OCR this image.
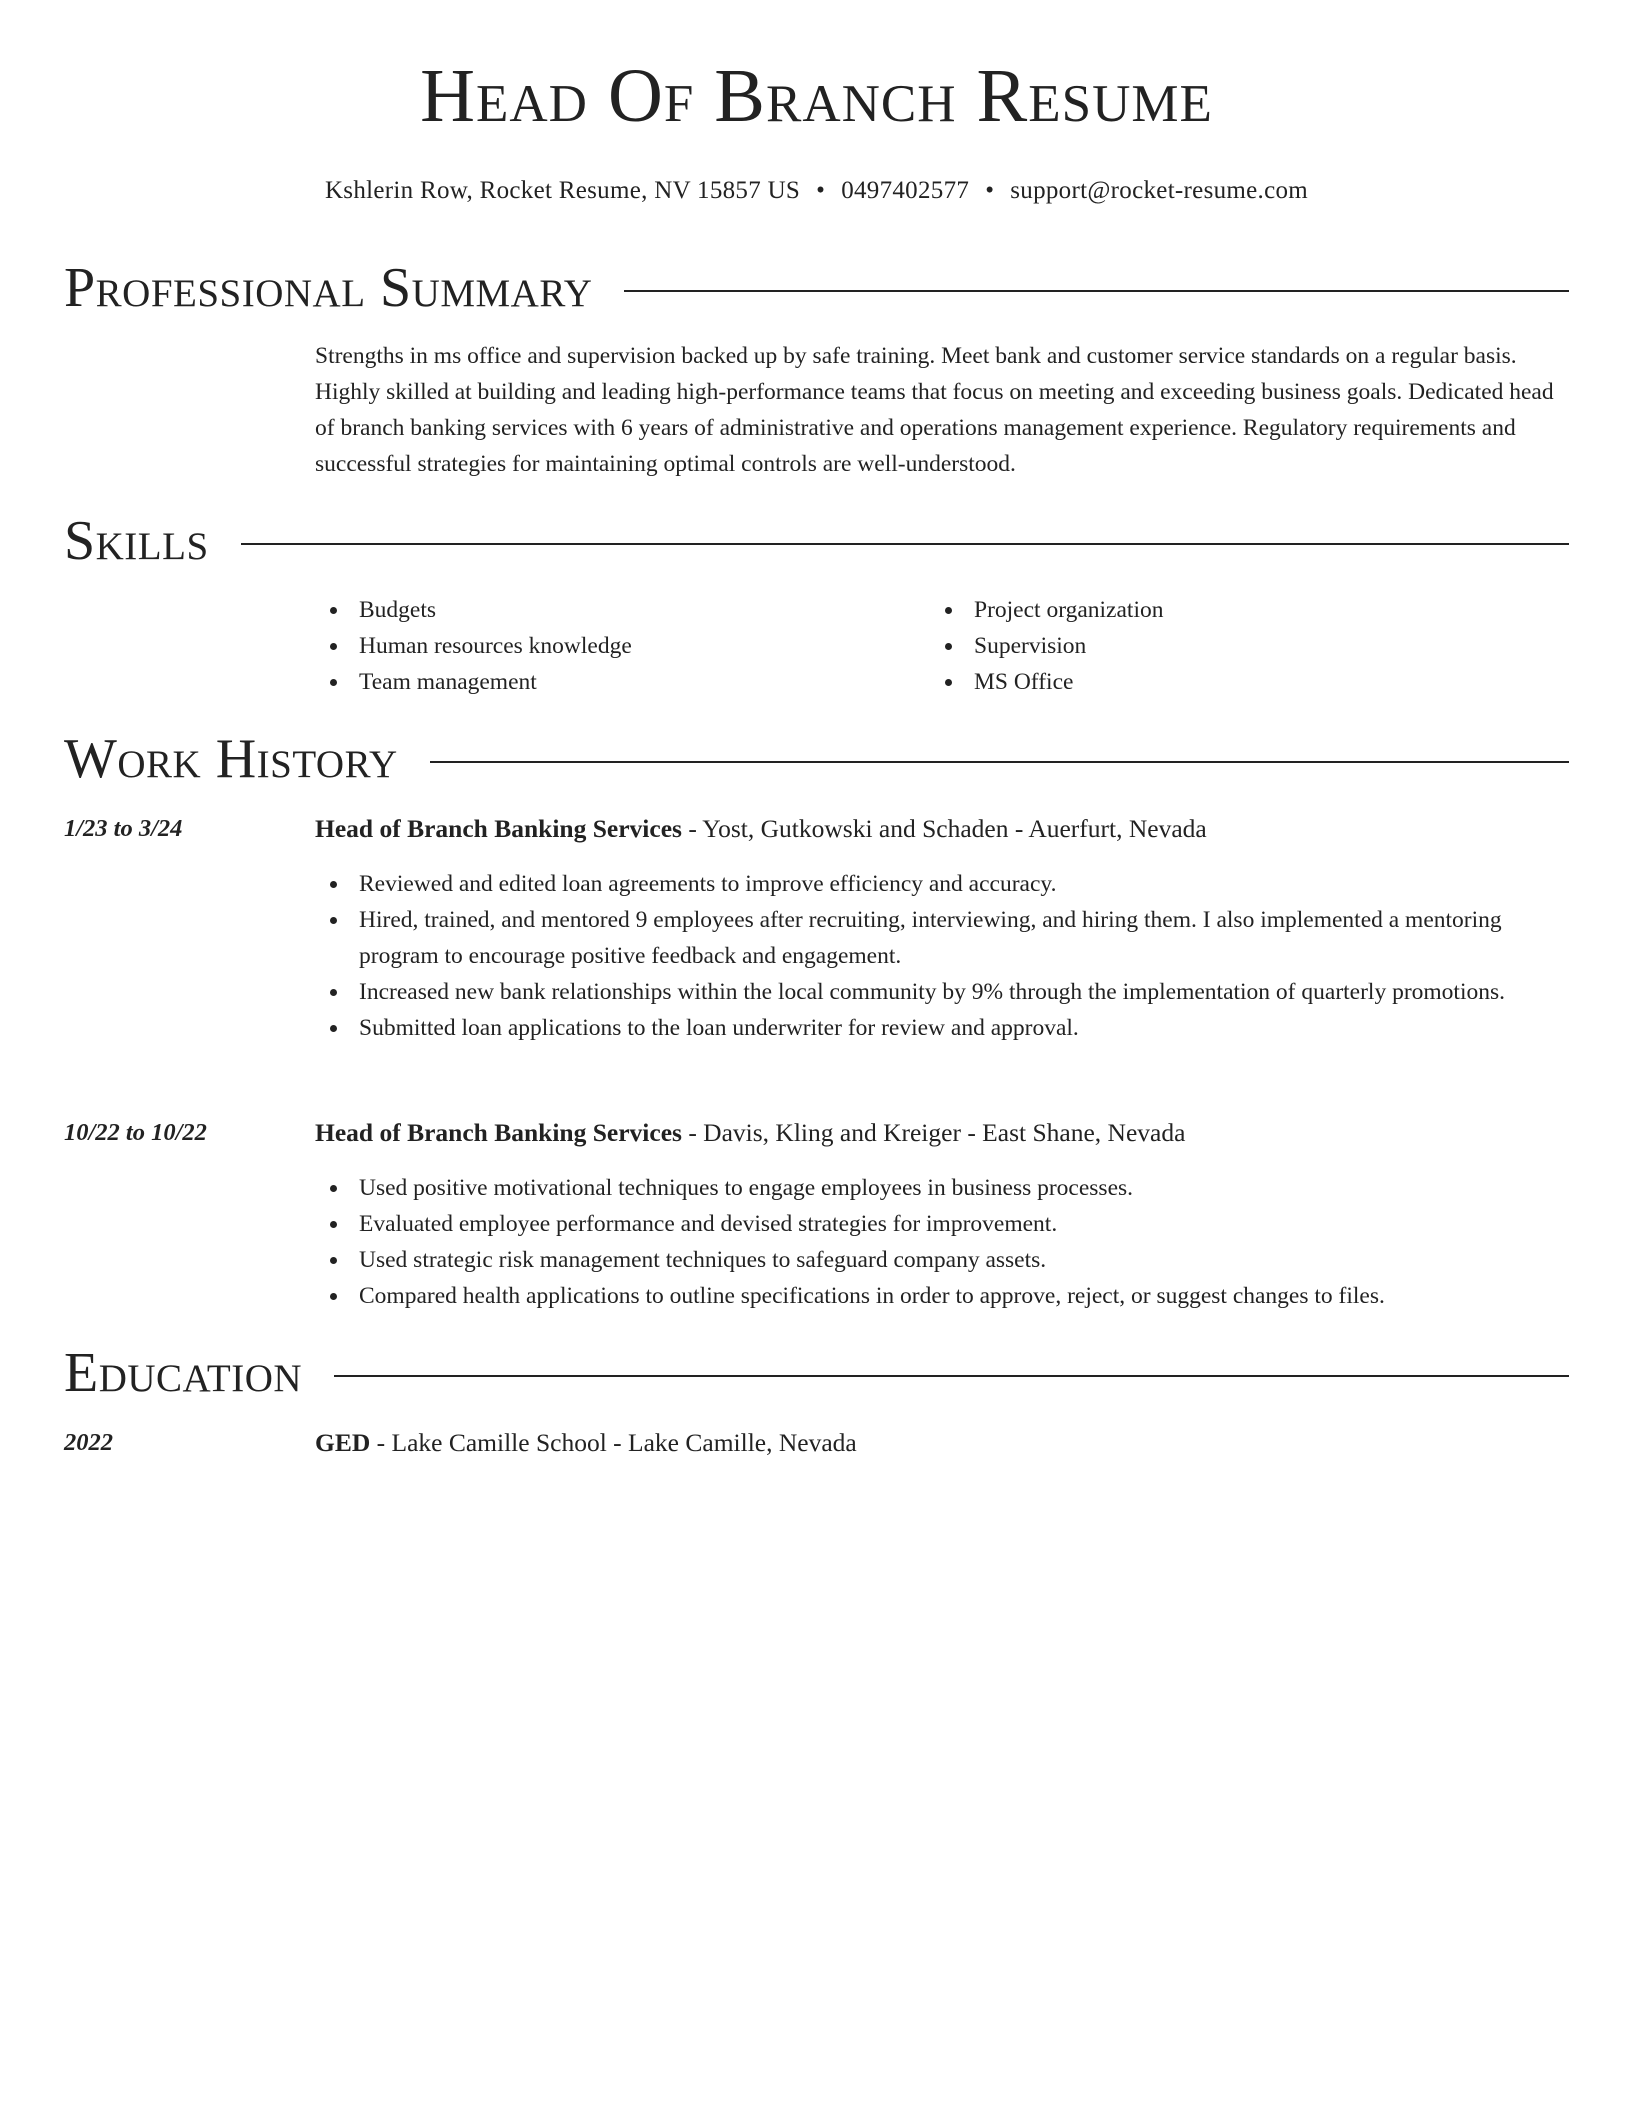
Head Of Branch Resume
Kshlerin Row, Rocket Resume, NV 15857 US • 0497402577 • support@rocket-resume.com
Professional Summary
Strengths in ms office and supervision backed up by safe training. Meet bank and customer service standards on a regular basis. Highly skilled at building and leading high-performance teams that focus on meeting and exceeding business goals. Dedicated head of branch banking services with 6 years of administrative and operations management experience. Regulatory requirements and successful strategies for maintaining optimal controls are well-understood.
Skills
Budgets
Human resources knowledge
Team management
Project organization
Supervision
MS Office
Work History
1/23 to 3/24	Head of Branch Banking Services - Yost, Gutkowski and Schaden - Auerfurt, Nevada
Reviewed and edited loan agreements to improve efficiency and accuracy.
Hired, trained, and mentored 9 employees after recruiting, interviewing, and hiring them. I also implemented a mentoring program to encourage positive feedback and engagement.
Increased new bank relationships within the local community by 9% through the implementation of quarterly promotions.
Submitted loan applications to the loan underwriter for review and approval.
10/22 to 10/22	Head of Branch Banking Services - Davis, Kling and Kreiger - East Shane, Nevada
Used positive motivational techniques to engage employees in business processes.
Evaluated employee performance and devised strategies for improvement.
Used strategic risk management techniques to safeguard company assets.
Compared health applications to outline specifications in order to approve, reject, or suggest changes to files.
Education
2022	GED - Lake Camille School - Lake Camille, Nevada
